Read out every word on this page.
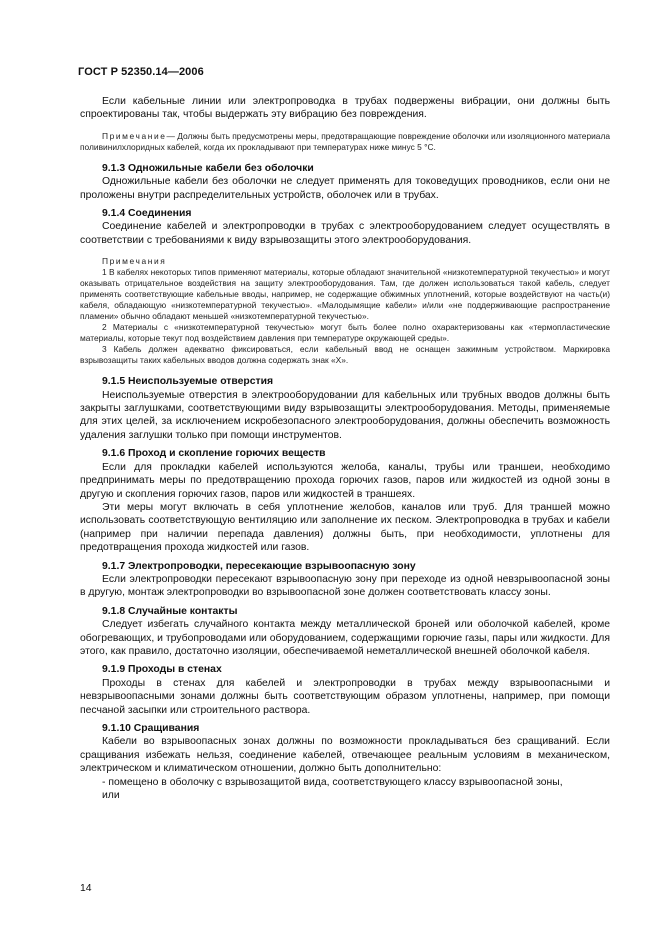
ГОСТ Р 52350.14—2006

Если кабельные линии или электропроводка в трубах подвержены вибрации, они должны быть спроектированы так, чтобы выдержать эту вибрацию без повреждения.

Примечание— Должны быть предусмотрены меры, предотвращающие повреждение оболочки или изоляционного материала поливинилхлоридных кабелей, когда их прокладывают при температурах ниже минус 5 °С.

9.1.3 Одножильные кабели без оболочки

Одножильные кабели без оболочки не следует применять для токоведущих проводников, если они не проложены внутри распределительных устройств, оболочек или в трубах.

9.1.4 Соединения

Соединение кабелей и электропроводки в трубах с электрооборудованием следует осуществлять в соответствии с требованиями к виду взрывозащиты этого электрооборудования.

Примечания

1 В кабелях некоторых типов применяют материалы, которые обладают значительной «низкотемпературной текучестью» и могут оказывать отрицательное воздействия на защиту электрооборудования. Там, где должен использоваться такой кабель, следует применять соответствующие кабельные вводы, например, не содержащие обжимных уплотнений, которые воздействуют на часть(и) кабеля, обладающую «низкотемпературной текучестью». «Малодымящие кабели» и/или «не поддерживающие распространение пламени» обычно обладают меньшей «низкотемпературной текучестью».

2 Материалы с «низкотемпературной текучестью» могут быть более полно охарактеризованы как «термопластические материалы, которые текут под воздействием давления при температуре окружающей среды».

3 Кабель должен адекватно фиксироваться, если кабельный ввод не оснащен зажимным устройством. Маркировка взрывозащиты таких кабельных вводов должна содержать знак «Х».

9.1.5 Неиспользуемые отверстия

Неиспользуемые отверстия в электрооборудовании для кабельных или трубных вводов должны быть закрыты заглушками, соответствующими виду взрывозащиты электрооборудования. Методы, применяемые для этих целей, за исключением искробезопасного электрооборудования, должны обеспечить возможность удаления заглушки только при помощи инструментов.

9.1.6 Проход и скопление горючих веществ

Если для прокладки кабелей используются желоба, каналы, трубы или траншеи, необходимо предпринимать меры по предотвращению прохода горючих газов, паров или жидкостей из одной зоны в другую и скопления горючих газов, паров или жидкостей в траншеях.

Эти меры могут включать в себя уплотнение желобов, каналов или труб. Для траншей можно использовать соответствующую вентиляцию или заполнение их песком. Электропроводка в трубах и кабели (например при наличии перепада давления) должны быть, при необходимости, уплотнены для предотвращения прохода жидкостей или газов.

9.1.7 Электропроводки, пересекающие взрывоопасную зону

Если электропроводки пересекают взрывоопасную зону при переходе из одной невзрывоопасной зоны в другую, монтаж электропроводки во взрывоопасной зоне должен соответствовать классу зоны.

9.1.8 Случайные контакты

Следует избегать случайного контакта между металлической броней или оболочкой кабелей, кроме обогревающих, и трубопроводами или оборудованием, содержащими горючие газы, пары или жидкости. Для этого, как правило, достаточно изоляции, обеспечиваемой неметаллической внешней оболочкой кабеля.

9.1.9 Проходы в стенах

Проходы в стенах для кабелей и электропроводки в трубах между взрывоопасными и невзрывоопасными зонами должны быть соответствующим образом уплотнены, например, при помощи песчаной засыпки или строительного раствора.

9.1.10 Сращивания

Кабели во взрывоопасных зонах должны по возможности прокладываться без сращиваний. Если сращивания избежать нельзя, соединение кабелей, отвечающее реальным условиям в механическом, электрическом и климатическом отношении, должно быть дополнительно:

- помещено в оболочку с взрывозащитой вида, соответствующего классу взрывоопасной зоны,

или

14
